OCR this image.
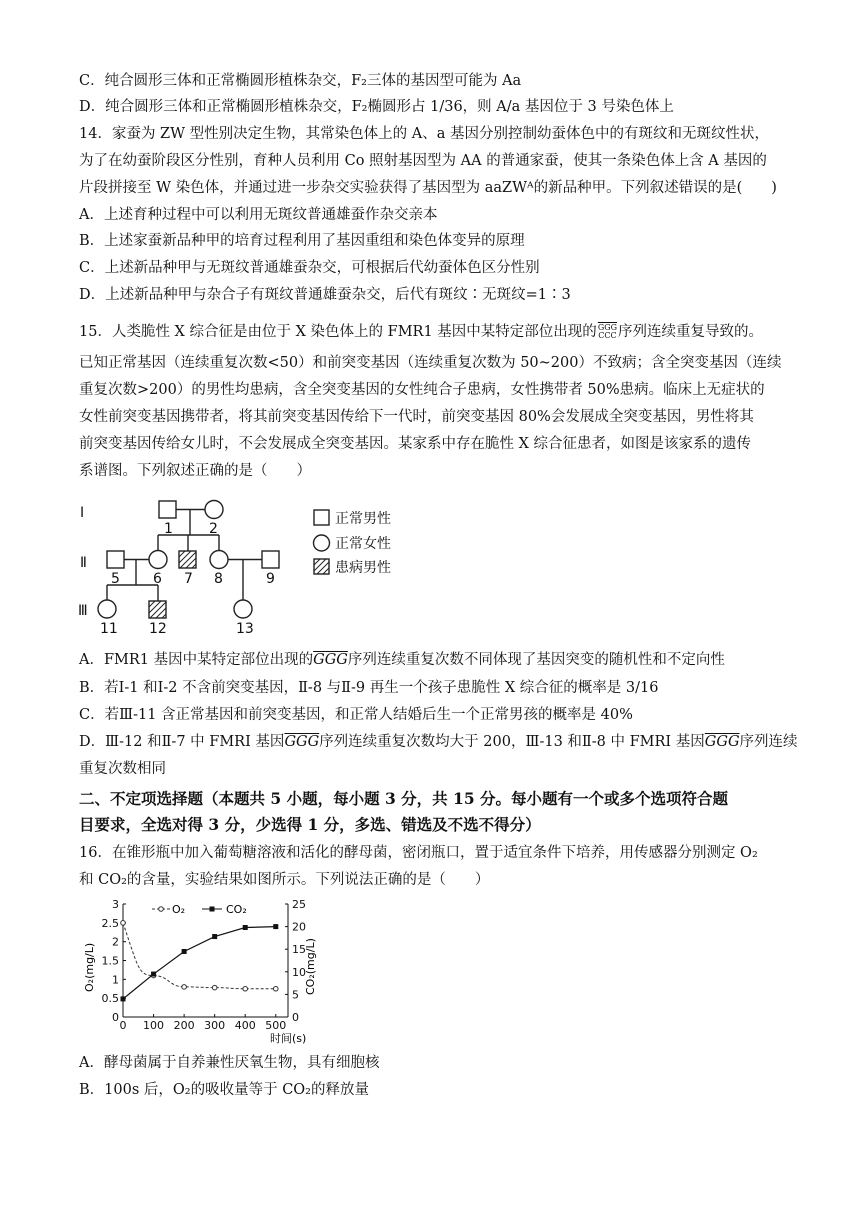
C．纯合圆形三体和正常椭圆形植株杂交，F₂三体的基因型可能为 Aa
D．纯合圆形三体和正常椭圆形植株杂交，F₂椭圆形占 1/36，则 A/a 基因位于 3 号染色体上
14．家蚕为 ZW 型性别决定生物，其常染色体上的 A、a 基因分别控制幼蚕体色中的有斑纹和无斑纹性状，
为了在幼蚕阶段区分性别，育种人员利用 Co 照射基因型为 AA 的普通家蚕，使其一条染色体上含 A 基因的
片段拼接至 W 染色体，并通过进一步杂交实验获得了基因型为 aaZWᴬ的新品种甲。下列叙述错误的是(　　)
A．上述育种过程中可以利用无斑纹普通雄蚕作杂交亲本
B．上述家蚕新品种甲的培育过程利用了基因重组和染色体变异的原理
C．上述新品种甲与无斑纹普通雄蚕杂交，可根据后代幼蚕体色区分性别
D．上述新品种甲与杂合子有斑纹普通雄蚕杂交，后代有斑纹∶无斑纹=1∶3
15．人类脆性 X 综合征是由位于 X 染色体上的 FMR1 基因中某特定部位出现的$\overline{GGG}$
CCC序列连续重复导致的。
已知正常基因（连续重复次数<50）和前突变基因（连续重复次数为 50~200）不致病；含全突变基因（连续
重复次数>200）的男性均患病，含全突变基因的女性纯合子患病，女性携带者 50%患病。临床上无症状的
女性前突变基因携带者，将其前突变基因传给下一代时，前突变基因 80%会发展成全突变基因，男性将其
前突变基因传给女儿时，不会发展成全突变基因。某家系中存在脆性 X 综合征患者，如图是该家系的遗传
系谱图。下列叙述正确的是（　　）
Ⅰ
Ⅱ
Ⅲ
1	2
5 6 7 8	9
11 12	13
正常男性
正常女性
患病男性
A．FMR1 基因中某特定部位出现的$\overline{GGG}$序列连续重复次数不同体现了基因突变的随机性和不定向性
B．若Ⅰ-1 和Ⅰ-2 不含前突变基因，Ⅱ-8 与Ⅱ-9 再生一个孩子患脆性 X 综合征的概率是 3/16
C．若Ⅲ-11 含正常基因和前突变基因，和正常人结婚后生一个正常男孩的概率是 40%
D．Ⅲ-12 和Ⅱ-7 中 FMRI 基因$\overline{GGG}$序列连续重复次数均大于 200，Ⅲ-13 和Ⅱ-8 中 FMRI 基因$\overline{GGG}$序列连续
重复次数相同
二、不定项选择题（本题共 5 小题，每小题 3 分，共 15 分。每小题有一个或多个选项符合题
目要求，全选对得 3 分，少选得 1 分，多选、错选及不选不得分）
16．在锥形瓶中加入葡萄糖溶液和活化的酵母菌，密闭瓶口，置于适宜条件下培养，用传感器分别测定 O₂
和 CO₂的含量，实验结果如图所示。下列说法正确的是（　　）
0 100 200 300 400 500
0
0.5
1
1.5
2
2.5
3
0
5
10
15
20
25
O₂	CO₂
O₂(mg/L)	CO₂(mg/L)
时间(s)
A．酵母菌属于自养兼性厌氧生物，具有细胞核
B．100s 后，O₂的吸收量等于 CO₂的释放量
